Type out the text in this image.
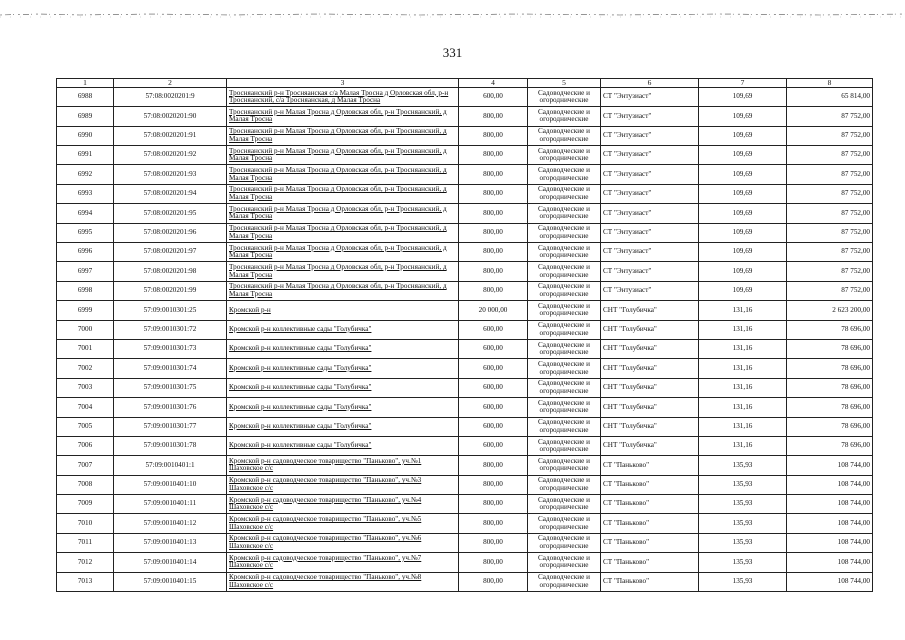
331
1	2	3	4	5	6	7	8
6988	57:08:0020201:9	Тросняанский р-н Тросняанская с/а Малая Тросна д Орловская обл, р-н Тросняанский, с/а Тросняанская, д Малая Тросна	600,00	Садоводческие и огороднические	СТ "Энтузиаст"	109,69	65 814,00
6989	57:08:0020201:90	Тросняанский р-н Малая Тросна д Орловская обл, р-н Тросняанский, д Малая Тросна	800,00	Садоводческие и огороднические	СТ "Энтузиаст"	109,69	87 752,00
6990	57:08:0020201:91	Тросняанский р-н Малая Тросна д Орловская обл, р-н Тросняанский, д Малая Тросна	800,00	Садоводческие и огороднические	СТ "Энтузиаст"	109,69	87 752,00
6991	57:08:0020201:92	Тросняанский р-н Малая Тросна д Орловская обл, р-н Тросняанский, д Малая Тросна	800,00	Садоводческие и огороднические	СТ "Энтузиаст"	109,69	87 752,00
6992	57:08:0020201:93	Тросняанский р-н Малая Тросна д Орловская обл, р-н Тросняанский, д Малая Тросна	800,00	Садоводческие и огороднические	СТ "Энтузиаст"	109,69	87 752,00
6993	57:08:0020201:94	Тросняанский р-н Малая Тросна д Орловская обл, р-н Тросняанский, д Малая Тросна	800,00	Садоводческие и огороднические	СТ "Энтузиаст"	109,69	87 752,00
6994	57:08:0020201:95	Тросняанский р-н Малая Тросна д Орловская обл, р-н Тросняанский, д Малая Тросна	800,00	Садоводческие и огороднические	СТ "Энтузиаст"	109,69	87 752,00
6995	57:08:0020201:96	Тросняанский р-н Малая Тросна д Орловская обл, р-н Тросняанский, д Малая Тросна	800,00	Садоводческие и огороднические	СТ "Энтузиаст"	109,69	87 752,00
6996	57:08:0020201:97	Тросняанский р-н Малая Тросна д Орловская обл, р-н Тросняанский, д Малая Тросна	800,00	Садоводческие и огороднические	СТ "Энтузиаст"	109,69	87 752,00
6997	57:08:0020201:98	Тросняанский р-н Малая Тросна д Орловская обл, р-н Тросняанский, д Малая Тросна	800,00	Садоводческие и огороднические	СТ "Энтузиаст"	109,69	87 752,00
6998	57:08:0020201:99	Тросняанский р-н Малая Тросна д Орловская обл, р-н Тросняанский, д Малая Тросна	800,00	Садоводческие и огороднические	СТ "Энтузиаст"	109,69	87 752,00
6999	57:09:0010301:25	Кромской р-н	20 000,00	Садоводческие и огороднические	СНТ "Голубичка"	131,16	2 623 200,00
7000	57:09:0010301:72	Кромской р-н коллективные сады "Голубичка"	600,00	Садоводческие и огороднические	СНТ "Голубичка"	131,16	78 696,00
7001	57:09:0010301:73	Кромской р-н коллективные сады "Голубичка"	600,00	Садоводческие и огороднические	СНТ "Голубичка"	131,16	78 696,00
7002	57:09:0010301:74	Кромской р-н коллективные сады "Голубичка"	600,00	Садоводческие и огороднические	СНТ "Голубичка"	131,16	78 696,00
7003	57:09:0010301:75	Кромской р-н коллективные сады "Голубичка"	600,00	Садоводческие и огороднические	СНТ "Голубичка"	131,16	78 696,00
7004	57:09:0010301:76	Кромской р-н коллективные сады "Голубичка"	600,00	Садоводческие и огороднические	СНТ "Голубичка"	131,16	78 696,00
7005	57:09:0010301:77	Кромской р-н коллективные сады "Голубичка"	600,00	Садоводческие и огороднические	СНТ "Голубичка"	131,16	78 696,00
7006	57:09:0010301:78	Кромской р-н коллективные сады "Голубичка"	600,00	Садоводческие и огороднические	СНТ "Голубичка"	131,16	78 696,00
7007	57:09:0010401:1	Кромской р-н садоводческое товарищество "Паньково", уч.№1 Шаховское с/с	800,00	Садоводческие и огороднические	СТ "Паньково"	135,93	108 744,00
7008	57:09:0010401:10	Кромской р-н садоводческое товарищество "Паньково", уч.№3 Шаховское с/с	800,00	Садоводческие и огороднические	СТ "Паньково"	135,93	108 744,00
7009	57:09:0010401:11	Кромской р-н садоводческое товарищество "Паньково", уч.№4 Шаховское с/с	800,00	Садоводческие и огороднические	СТ "Паньково"	135,93	108 744,00
7010	57:09:0010401:12	Кромской р-н садоводческое товарищество "Паньково", уч.№5 Шаховское с/с	800,00	Садоводческие и огороднические	СТ "Паньково"	135,93	108 744,00
7011	57:09:0010401:13	Кромской р-н садоводческое товарищество "Паньково", уч.№6 Шаховское с/с	800,00	Садоводческие и огороднические	СТ "Паньково"	135,93	108 744,00
7012	57:09:0010401:14	Кромской р-н садоводческое товарищество "Паньково", уч.№7 Шаховское с/с	800,00	Садоводческие и огороднические	СТ "Паньково"	135,93	108 744,00
7013	57:09:0010401:15	Кромской р-н садоводческое товарищество "Паньково", уч.№8 Шаховское с/с	800,00	Садоводческие и огороднические	СТ "Паньково"	135,93	108 744,00
